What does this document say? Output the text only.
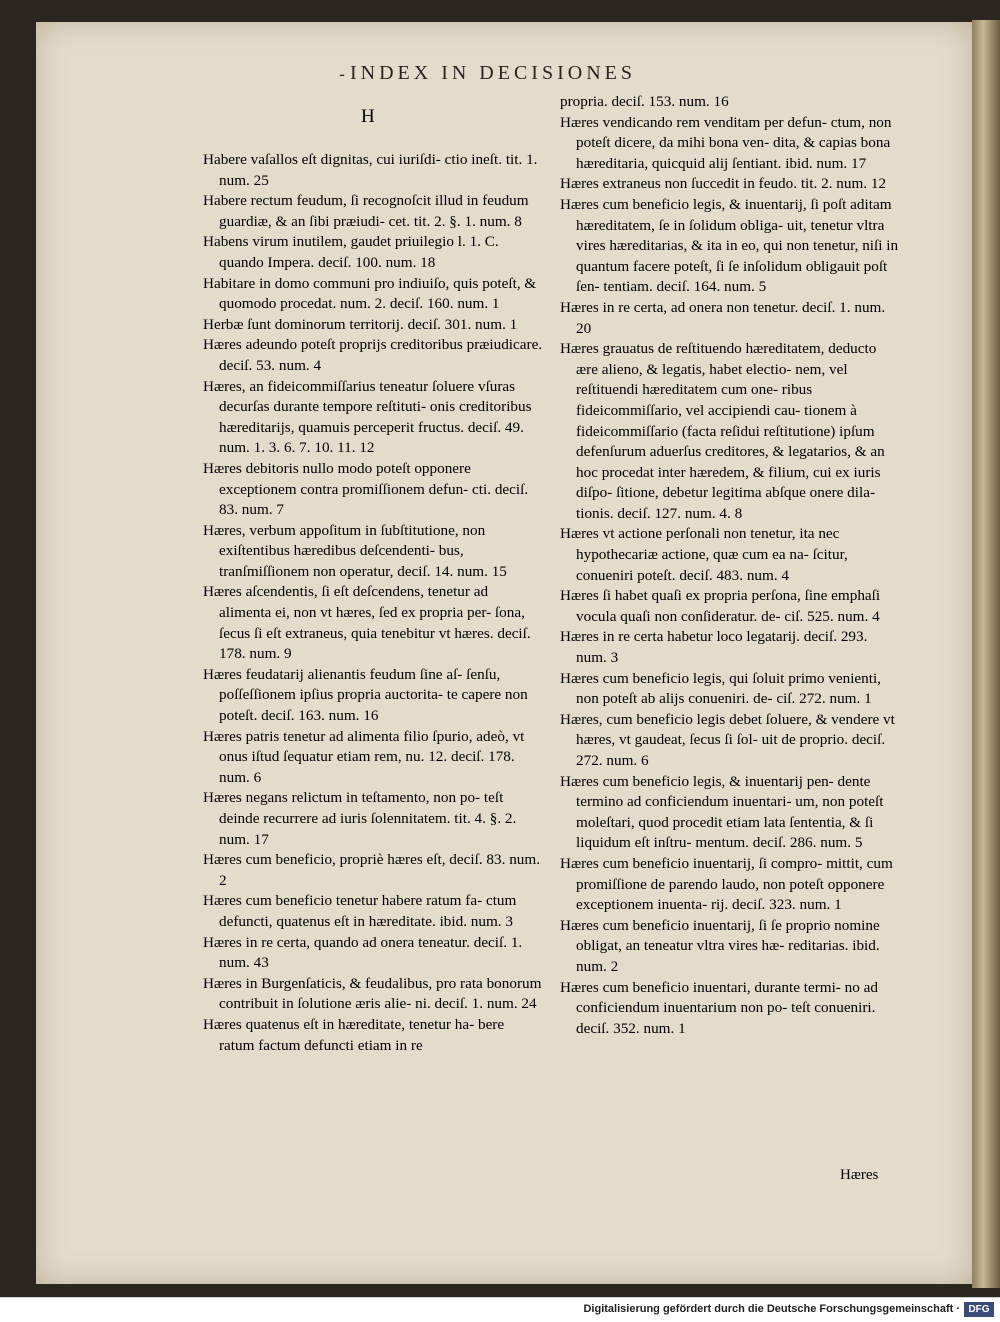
ـ INDEX IN DECISIONES
H

Habere vaſallos eſt dignitas, cui iuriſdi- ctio ineſt. tit. 1. num. 25

Habere rectum feudum, ſi recognoſcit illud in feudum guardiæ, & an ſibi præiudi- cet. tit. 2. §. 1. num. 8

Habens virum inutilem, gaudet priuilegio l. 1. C. quando Impera. deciſ. 100. num. 18

Habitare in domo communi pro indiuiſo, quis poteſt, & quomodo procedat. num. 2. deciſ. 160. num. 1

Herbæ ſunt dominorum territorij. deciſ. 301. num. 1

Hæres adeundo poteſt proprijs creditoribus præiudicare. deciſ. 53. num. 4

Hæres, an fideicommiſſarius teneatur ſoluere vſuras decurſas durante tempore reſtituti- onis creditoribus hæreditarijs, quamuis perceperit fructus. deciſ. 49. num. 1. 3. 6. 7. 10. 11. 12

Hæres debitoris nullo modo poteſt opponere exceptionem contra promiſſionem defun- cti. deciſ. 83. num. 7

Hæres, verbum appoſitum in ſubſtitutione, non exiſtentibus hæredibus deſcendenti- bus, tranſmiſſionem non operatur, deciſ. 14. num. 15

Hæres aſcendentis, ſi eſt deſcendens, tenetur ad alimenta ei, non vt hæres, ſed ex propria per- ſona, ſecus ſi eſt extraneus, quia tenebitur vt hæres. deciſ. 178. num. 9

Hæres feudatarij alienantis feudum ſine aſ- ſenſu, poſſeſſionem ipſius propria auctorita- te capere non poteſt. deciſ. 163. num. 16

Hæres patris tenetur ad alimenta filio ſpurio, adeò, vt onus iſtud ſequatur etiam rem, nu. 12. deciſ. 178. num. 6

Hæres negans relictum in teſtamento, non po- teſt deinde recurrere ad iuris ſolennitatem. tit. 4. §. 2. num. 17

Hæres cum beneficio, propriè hæres eſt, deciſ. 83. num. 2

Hæres cum beneficio tenetur habere ratum fa- ctum defuncti, quatenus eſt in hæreditate. ibid. num. 3

Hæres in re certa, quando ad onera teneatur. deciſ. 1. num. 43

Hæres in Burgenſaticis, & feudalibus, pro rata bonorum contribuit in ſolutione æris alie- ni. deciſ. 1. num. 24

Hæres quatenus eſt in hæreditate, tenetur ha- bere ratum factum defuncti etiam in re

propria. deciſ. 153. num. 16

Hæres vendicando rem venditam per defun- ctum, non poteſt dicere, da mihi bona ven- dita, & capias bona hæreditaria, quicquid alij ſentiant. ibid. num. 17

Hæres extraneus non ſuccedit in feudo. tit. 2. num. 12

Hæres cum beneficio legis, & inuentarij, ſi poſt aditam hæreditatem, ſe in ſolidum obliga- uit, tenetur vltra vires hæreditarias, & ita in eo, qui non tenetur, niſi in quantum facere poteſt, ſi ſe inſolidum obligauit poſt ſen- tentiam. deciſ. 164. num. 5

Hæres in re certa, ad onera non tenetur. deciſ. 1. num. 20

Hæres grauatus de reſtituendo hæreditatem, deducto ære alieno, & legatis, habet electio- nem, vel reſtituendi hæreditatem cum one- ribus fideicommiſſario, vel accipiendi cau- tionem à fideicommiſſario (facta reſidui reſtitutione) ipſum defenſurum aduerſus creditores, & legatarios, & an hoc procedat inter hæredem, & filium, cui ex iuris diſpo- ſitione, debetur legitima abſque onere dila- tionis. deciſ. 127. num. 4. 8

Hæres vt actione perſonali non tenetur, ita nec hypothecariæ actione, quæ cum ea na- ſcitur, conueniri poteſt. deciſ. 483. num. 4

Hæres ſi habet quaſi ex propria perſona, ſine emphaſi vocula quaſi non conſideratur. de- ciſ. 525. num. 4

Hæres in re certa habetur loco legatarij. deciſ. 293. num. 3

Hæres cum beneficio legis, qui ſoluit primo venienti, non poteſt ab alijs conueniri. de- ciſ. 272. num. 1

Hæres, cum beneficio legis debet ſoluere, & vendere vt hæres, vt gaudeat, ſecus ſi ſol- uit de proprio. deciſ. 272. num. 6

Hæres cum beneficio legis, & inuentarij pen- dente termino ad conficiendum inuentari- um, non poteſt moleſtari, quod procedit etiam lata ſententia, & ſi liquidum eſt inſtru- mentum. deciſ. 286. num. 5

Hæres cum beneficio inuentarij, ſi compro- mittit, cum promiſſione de parendo laudo, non poteſt opponere exceptionem inuenta- rij. deciſ. 323. num. 1

Hæres cum beneficio inuentarij, ſi ſe proprio nomine obligat, an teneatur vltra vires hæ- reditarias. ibid. num. 2

Hæres cum beneficio inuentari, durante termi- no ad conficiendum inuentarium non po- teſt conueniri. deciſ. 352. num. 1

Hæres
Digitalisierung gefördert durch die Deutsche Forschungsgemeinschaft · DFG
